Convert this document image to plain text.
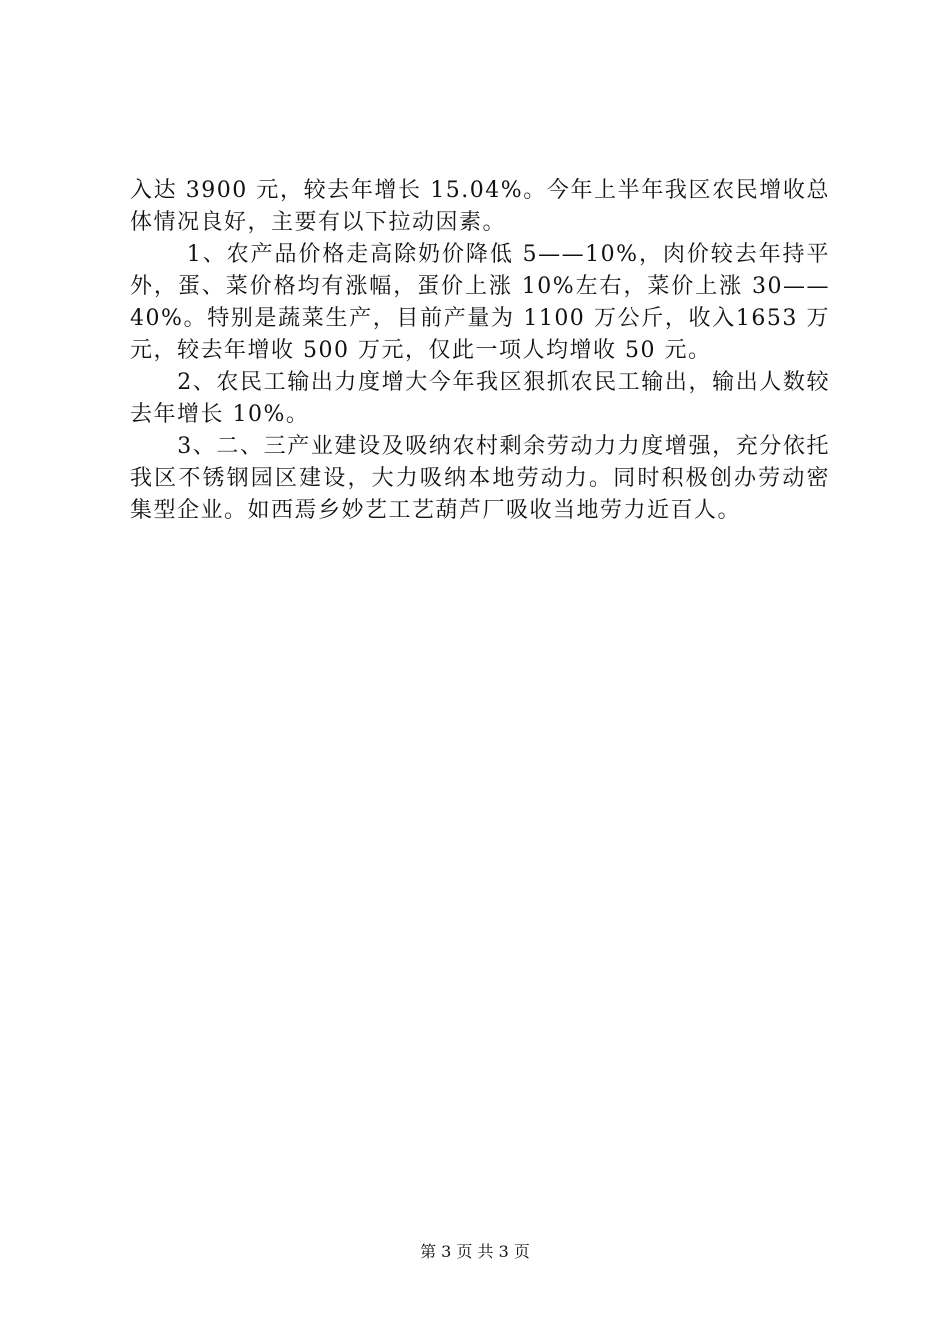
入达 3900 元，较去年增长 15.04%。今年上半年我区农民增收总体情况良好，主要有以下拉动因素。

　　 1、农产品价格走高除奶价降低 5——10%，肉价较去年持平外，蛋、菜价格均有涨幅，蛋价上涨 10%左右，菜价上涨 30——40%。特别是蔬菜生产，目前产量为 1100 万公斤，收入1653 万元，较去年增收 500 万元，仅此一项人均增收 50 元。

　　2、农民工输出力度增大今年我区狠抓农民工输出，输出人数较去年增长 10%。

　　3、二、三产业建设及吸纳农村剩余劳动力力度增强，充分依托我区不锈钢园区建设，大力吸纳本地劳动力。同时积极创办劳动密集型企业。如西焉乡妙艺工艺葫芦厂吸收当地劳力近百人。

第 3 页 共 3 页
